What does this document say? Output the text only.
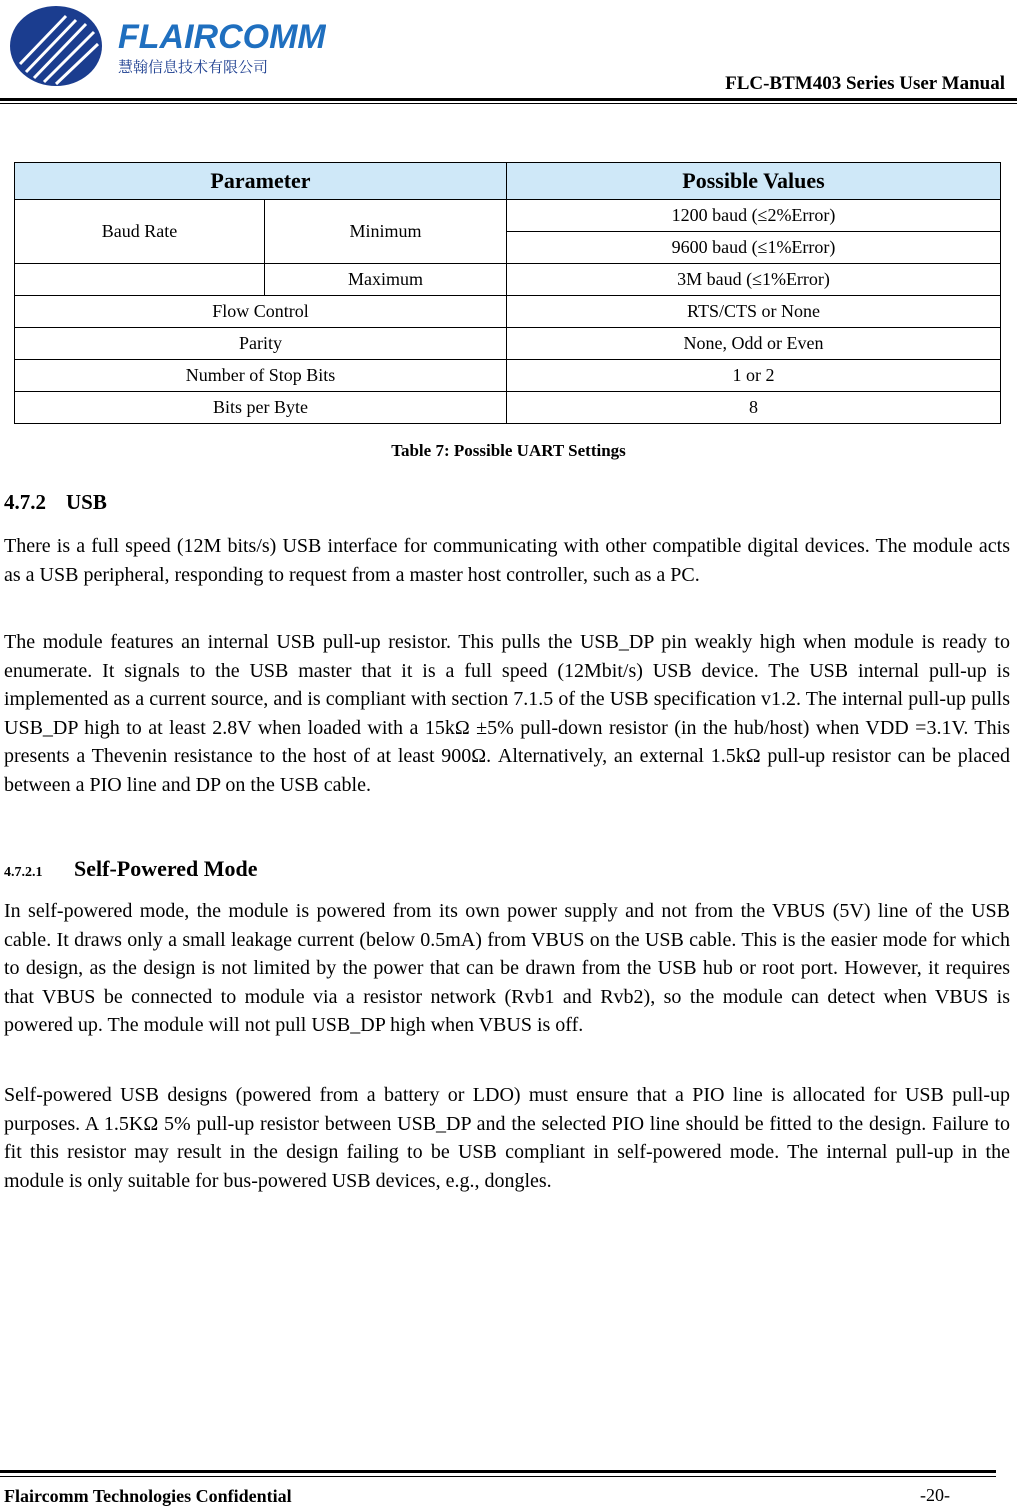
FLAIRCOMM
慧翰信息技术有限公司
FLC-BTM403 Series User Manual
Parameter		Possible Values
Baud Rate	Minimum	1200 baud (≤2%Error)
		9600 baud (≤1%Error)
	Maximum	3M baud (≤1%Error)
Flow Control		RTS/CTS or None
Parity		None, Odd or Even
Number of Stop Bits		1 or 2
Bits per Byte		8
Table 7: Possible UART Settings
4.7.2 USB

There is a full speed (12M bits/s) USB interface for communicating with other compatible digital devices. The module acts as a USB peripheral, responding to request from a master host controller, such as a PC.

The module features an internal USB pull-up resistor. This pulls the USB_DP pin weakly high when module is ready to enumerate. It signals to the USB master that it is a full speed (12Mbit/s) USB device. The USB internal pull-up is implemented as a current source, and is compliant with section 7.1.5 of the USB specification v1.2. The internal pull-up pulls USB_DP high to at least 2.8V when loaded with a 15kΩ ±5% pull-down resistor (in the hub/host) when VDD =3.1V. This presents a Thevenin resistance to the host of at least 900Ω. Alternatively, an external 1.5kΩ pull-up resistor can be placed between a PIO line and DP on the USB cable.

4.7.2.1 Self-Powered Mode

In self-powered mode, the module is powered from its own power supply and not from the VBUS (5V) line of the USB cable. It draws only a small leakage current (below 0.5mA) from VBUS on the USB cable. This is the easier mode for which to design, as the design is not limited by the power that can be drawn from the USB hub or root port. However, it requires that VBUS be connected to module via a resistor network (Rvb1 and Rvb2), so the module can detect when VBUS is powered up. The module will not pull USB_DP high when VBUS is off.

Self-powered USB designs (powered from a battery or LDO) must ensure that a PIO line is allocated for USB pull-up purposes. A 1.5KΩ 5% pull-up resistor between USB_DP and the selected PIO line should be fitted to the design. Failure to fit this resistor may result in the design failing to be USB compliant in self-powered mode. The internal pull-up in the module is only suitable for bus-powered USB devices, e.g., dongles.

Flaircomm Technologies Confidential	-20-
